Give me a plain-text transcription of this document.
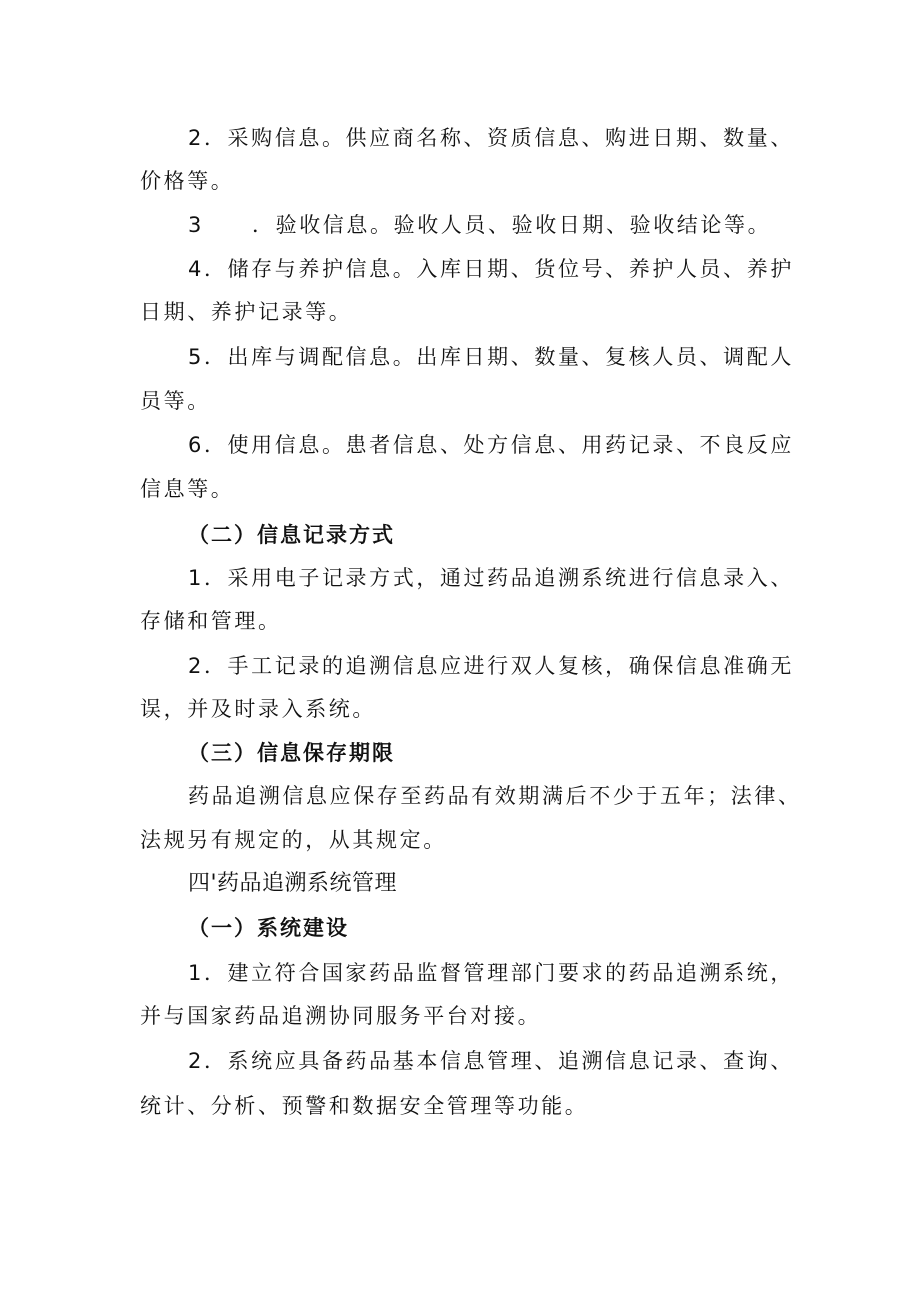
2．采购信息。供应商名称、资质信息、购进日期、数量、
价格等。
3 ．验收信息。验收人员、验收日期、验收结论等。
4．储存与养护信息。入库日期、货位号、养护人员、养护
日期、养护记录等。
5．出库与调配信息。出库日期、数量、复核人员、调配人
员等。
6．使用信息。患者信息、处方信息、用药记录、不良反应
信息等。
（二）信息记录方式
1．采用电子记录方式，通过药品追溯系统进行信息录入、
存储和管理。
2．手工记录的追溯信息应进行双人复核，确保信息准确无
误，并及时录入系统。
（三）信息保存期限
药品追溯信息应保存至药品有效期满后不少于五年；法律、
法规另有规定的，从其规定。
四'药品追溯系统管理
（一）系统建设
1．建立符合国家药品监督管理部门要求的药品追溯系统，
并与国家药品追溯协同服务平台对接。
2．系统应具备药品基本信息管理、追溯信息记录、查询、
统计、分析、预警和数据安全管理等功能。
